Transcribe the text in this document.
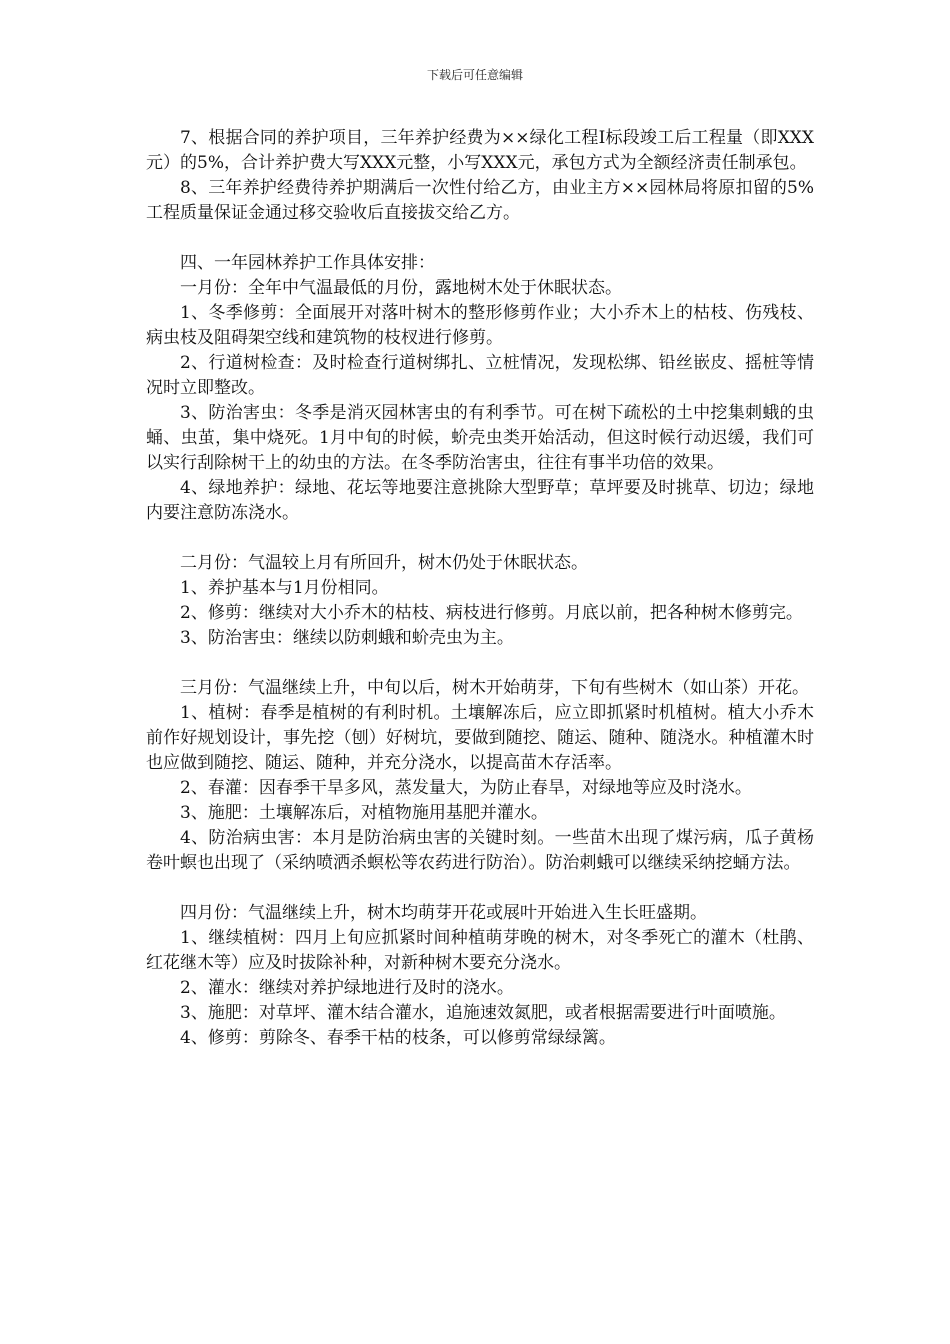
下载后可任意编辑

7、根据合同的养护项目，三年养护经费为××绿化工程Ⅰ标段竣工后工程量（即XXX元）的5%，合计养护费大写XXX元整，小写XXX元，承包方式为全额经济责任制承包。

8、三年养护经费待养护期满后一次性付给乙方，由业主方××园林局将原扣留的5%工程质量保证金通过移交验收后直接拔交给乙方。

四、一年园林养护工作具体安排：

一月份：全年中气温最低的月份，露地树木处于休眠状态。

1、冬季修剪：全面展开对落叶树木的整形修剪作业；大小乔木上的枯枝、伤残枝、病虫枝及阻碍架空线和建筑物的枝杈进行修剪。

2、行道树检查：及时检查行道树绑扎、立桩情况，发现松绑、铅丝嵌皮、摇桩等情况时立即整改。

3、防治害虫：冬季是消灭园林害虫的有利季节。可在树下疏松的土中挖集刺蛾的虫蛹、虫茧，集中烧死。1月中旬的时候，蚧壳虫类开始活动，但这时候行动迟缓，我们可以实行刮除树干上的幼虫的方法。在冬季防治害虫，往往有事半功倍的效果。

4、绿地养护：绿地、花坛等地要注意挑除大型野草；草坪要及时挑草、切边；绿地内要注意防冻浇水。

二月份：气温较上月有所回升，树木仍处于休眠状态。

1、养护基本与1月份相同。

2、修剪：继续对大小乔木的枯枝、病枝进行修剪。月底以前，把各种树木修剪完。

3、防治害虫：继续以防刺蛾和蚧壳虫为主。

三月份：气温继续上升，中旬以后，树木开始萌芽，下旬有些树木（如山茶）开花。

1、植树：春季是植树的有利时机。土壤解冻后，应立即抓紧时机植树。植大小乔木前作好规划设计，事先挖（刨）好树坑，要做到随挖、随运、随种、随浇水。种植灌木时也应做到随挖、随运、随种，并充分浇水，以提高苗木存活率。

2、春灌：因春季干旱多风，蒸发量大，为防止春旱，对绿地等应及时浇水。

3、施肥：土壤解冻后，对植物施用基肥并灌水。

4、防治病虫害：本月是防治病虫害的关键时刻。一些苗木出现了煤污病，瓜子黄杨卷叶螟也出现了（采纳喷洒杀螟松等农药进行防治）。防治刺蛾可以继续采纳挖蛹方法。

四月份：气温继续上升，树木均萌芽开花或展叶开始进入生长旺盛期。

1、继续植树：四月上旬应抓紧时间种植萌芽晚的树木，对冬季死亡的灌木（杜鹃、红花继木等）应及时拔除补种，对新种树木要充分浇水。

2、灌水：继续对养护绿地进行及时的浇水。

3、施肥：对草坪、灌木结合灌水，追施速效氮肥，或者根据需要进行叶面喷施。

4、修剪：剪除冬、春季干枯的枝条，可以修剪常绿绿篱。
